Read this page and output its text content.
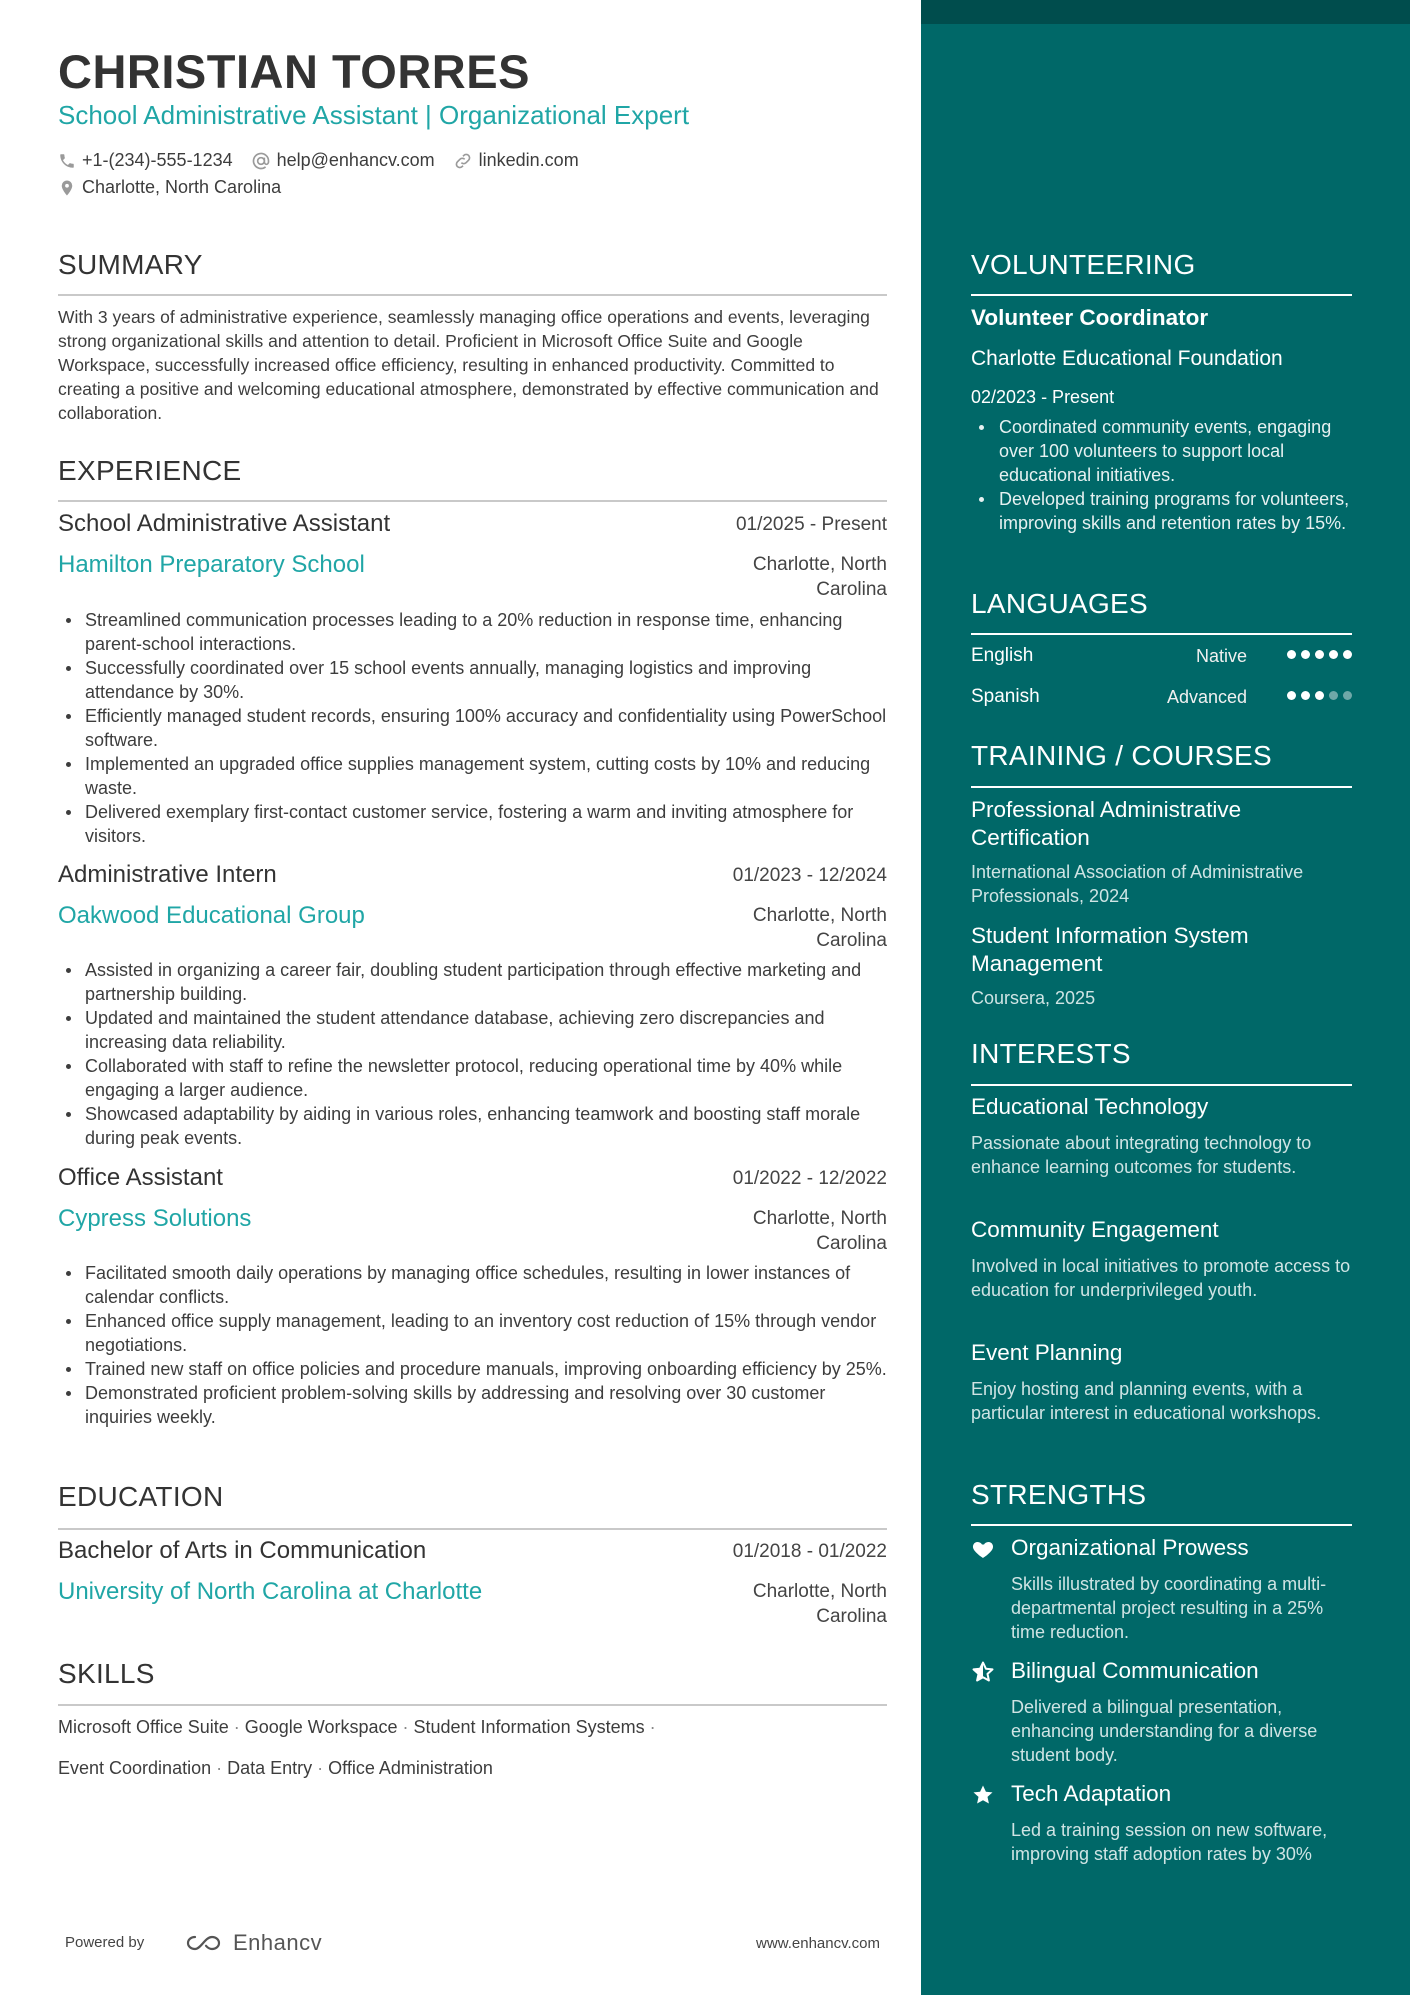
CHRISTIAN TORRES
School Administrative Assistant | Organizational Expert
+1-(234)-555-1234 help@enhancv.com linkedin.com
Charlotte, North Carolina
SUMMARY
With 3 years of administrative experience, seamlessly managing office operations and events, leveraging strong organizational skills and attention to detail. Proficient in Microsoft Office Suite and Google Workspace, successfully increased office efficiency, resulting in enhanced productivity. Committed to creating a positive and welcoming educational atmosphere, demonstrated by effective communication and collaboration.
EXPERIENCE
School Administrative Assistant	01/2025 - Present
Hamilton Preparatory School	Charlotte, North Carolina
Streamlined communication processes leading to a 20% reduction in response time, enhancing parent-school interactions.
Successfully coordinated over 15 school events annually, managing logistics and improving attendance by 30%.
Efficiently managed student records, ensuring 100% accuracy and confidentiality using PowerSchool software.
Implemented an upgraded office supplies management system, cutting costs by 10% and reducing waste.
Delivered exemplary first-contact customer service, fostering a warm and inviting atmosphere for visitors.
Administrative Intern	01/2023 - 12/2024
Oakwood Educational Group	Charlotte, North Carolina
Assisted in organizing a career fair, doubling student participation through effective marketing and partnership building.
Updated and maintained the student attendance database, achieving zero discrepancies and increasing data reliability.
Collaborated with staff to refine the newsletter protocol, reducing operational time by 40% while engaging a larger audience.
Showcased adaptability by aiding in various roles, enhancing teamwork and boosting staff morale during peak events.
Office Assistant	01/2022 - 12/2022
Cypress Solutions	Charlotte, North Carolina
Facilitated smooth daily operations by managing office schedules, resulting in lower instances of calendar conflicts.
Enhanced office supply management, leading to an inventory cost reduction of 15% through vendor negotiations.
Trained new staff on office policies and procedure manuals, improving onboarding efficiency by 25%.
Demonstrated proficient problem-solving skills by addressing and resolving over 30 customer inquiries weekly.
EDUCATION
Bachelor of Arts in Communication	01/2018 - 01/2022
University of North Carolina at Charlotte	Charlotte, North Carolina
SKILLS
Microsoft Office Suite · Google Workspace · Student Information Systems ·
Event Coordination · Data Entry · Office Administration
Powered by	Enhancv	www.enhancv.com
VOLUNTEERING
Volunteer Coordinator
Charlotte Educational Foundation
02/2023 - Present
Coordinated community events, engaging over 100 volunteers to support local educational initiatives.
Developed training programs for volunteers, improving skills and retention rates by 15%.
LANGUAGES
English	Native
Spanish	Advanced
TRAINING / COURSES
Professional Administrative Certification
International Association of Administrative Professionals, 2024
Student Information System Management
Coursera, 2025
INTERESTS
Educational Technology
Passionate about integrating technology to enhance learning outcomes for students.
Community Engagement
Involved in local initiatives to promote access to education for underprivileged youth.
Event Planning
Enjoy hosting and planning events, with a particular interest in educational workshops.
STRENGTHS
Organizational Prowess
Skills illustrated by coordinating a multi-departmental project resulting in a 25% time reduction.
Bilingual Communication
Delivered a bilingual presentation, enhancing understanding for a diverse student body.
Tech Adaptation
Led a training session on new software, improving staff adoption rates by 30%
